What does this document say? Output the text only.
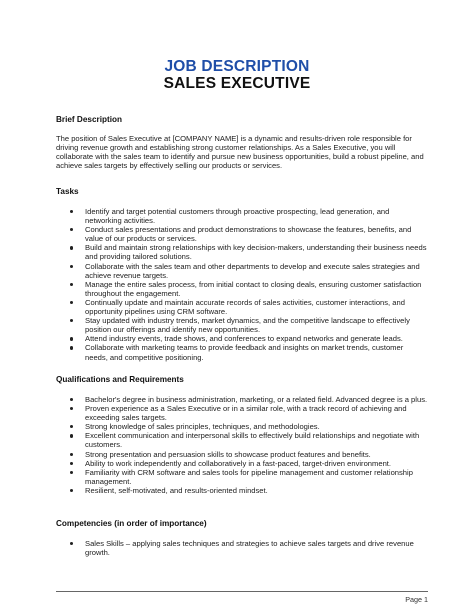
JOB DESCRIPTION
SALES EXECUTIVE
Brief Description

The position of Sales Executive at [COMPANY NAME] is a dynamic and results-driven role responsible for driving revenue growth and establishing strong customer relationships. As a Sales Executive, you will collaborate with the sales team to identify and pursue new business opportunities, build a robust pipeline, and achieve sales targets by effectively selling our products or services.

Tasks
Identify and target potential customers through proactive prospecting, lead generation, and networking activities.
Conduct sales presentations and product demonstrations to showcase the features, benefits, and value of our products or services.
Build and maintain strong relationships with key decision-makers, understanding their business needs and providing tailored solutions.
Collaborate with the sales team and other departments to develop and execute sales strategies and achieve revenue targets.
Manage the entire sales process, from initial contact to closing deals, ensuring customer satisfaction throughout the engagement.
Continually update and maintain accurate records of sales activities, customer interactions, and opportunity pipelines using CRM software.
Stay updated with industry trends, market dynamics, and the competitive landscape to effectively position our offerings and identify new opportunities.
Attend industry events, trade shows, and conferences to expand networks and generate leads.
Collaborate with marketing teams to provide feedback and insights on market trends, customer needs, and competitive positioning.
Qualifications and Requirements
Bachelor's degree in business administration, marketing, or a related field. Advanced degree is a plus.
Proven experience as a Sales Executive or in a similar role, with a track record of achieving and exceeding sales targets.
Strong knowledge of sales principles, techniques, and methodologies.
Excellent communication and interpersonal skills to effectively build relationships and negotiate with customers.
Strong presentation and persuasion skills to showcase product features and benefits.
Ability to work independently and collaboratively in a fast-paced, target-driven environment.
Familiarity with CRM software and sales tools for pipeline management and customer relationship management.
Resilient, self-motivated, and results-oriented mindset.
Competencies (in order of importance)
Sales Skills – applying sales techniques and strategies to achieve sales targets and drive revenue growth.
Page 1
